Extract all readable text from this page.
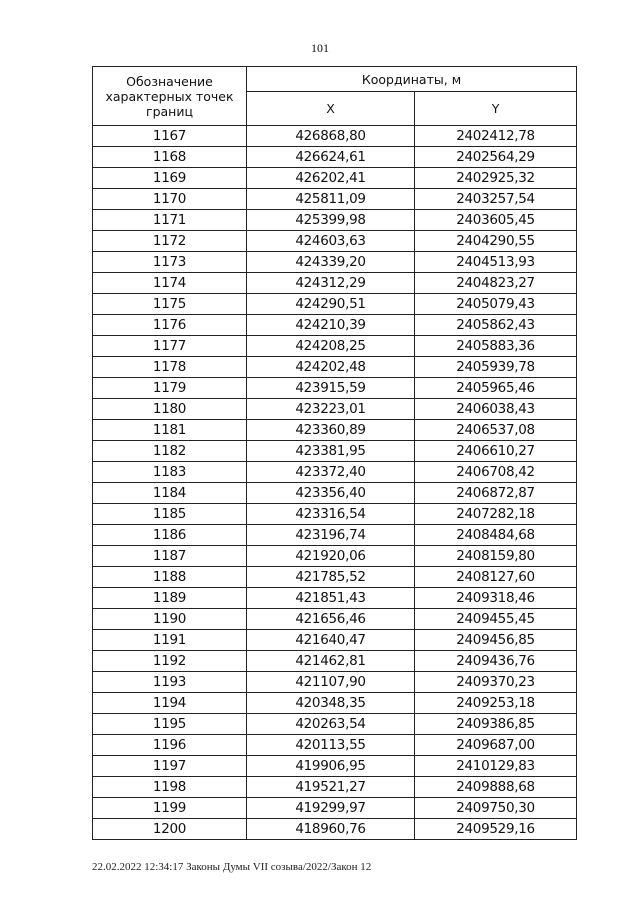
101
Обозначение характерных точек границ	Координаты, м	
	X	Y
1167	426868,80	2402412,78
1168	426624,61	2402564,29
1169	426202,41	2402925,32
1170	425811,09	2403257,54
1171	425399,98	2403605,45
1172	424603,63	2404290,55
1173	424339,20	2404513,93
1174	424312,29	2404823,27
1175	424290,51	2405079,43
1176	424210,39	2405862,43
1177	424208,25	2405883,36
1178	424202,48	2405939,78
1179	423915,59	2405965,46
1180	423223,01	2406038,43
1181	423360,89	2406537,08
1182	423381,95	2406610,27
1183	423372,40	2406708,42
1184	423356,40	2406872,87
1185	423316,54	2407282,18
1186	423196,74	2408484,68
1187	421920,06	2408159,80
1188	421785,52	2408127,60
1189	421851,43	2409318,46
1190	421656,46	2409455,45
1191	421640,47	2409456,85
1192	421462,81	2409436,76
1193	421107,90	2409370,23
1194	420348,35	2409253,18
1195	420263,54	2409386,85
1196	420113,55	2409687,00
1197	419906,95	2410129,83
1198	419521,27	2409888,68
1199	419299,97	2409750,30
1200	418960,76	2409529,16
22.02.2022 12:34:17 Законы Думы VII созыва/2022/Закон 12
